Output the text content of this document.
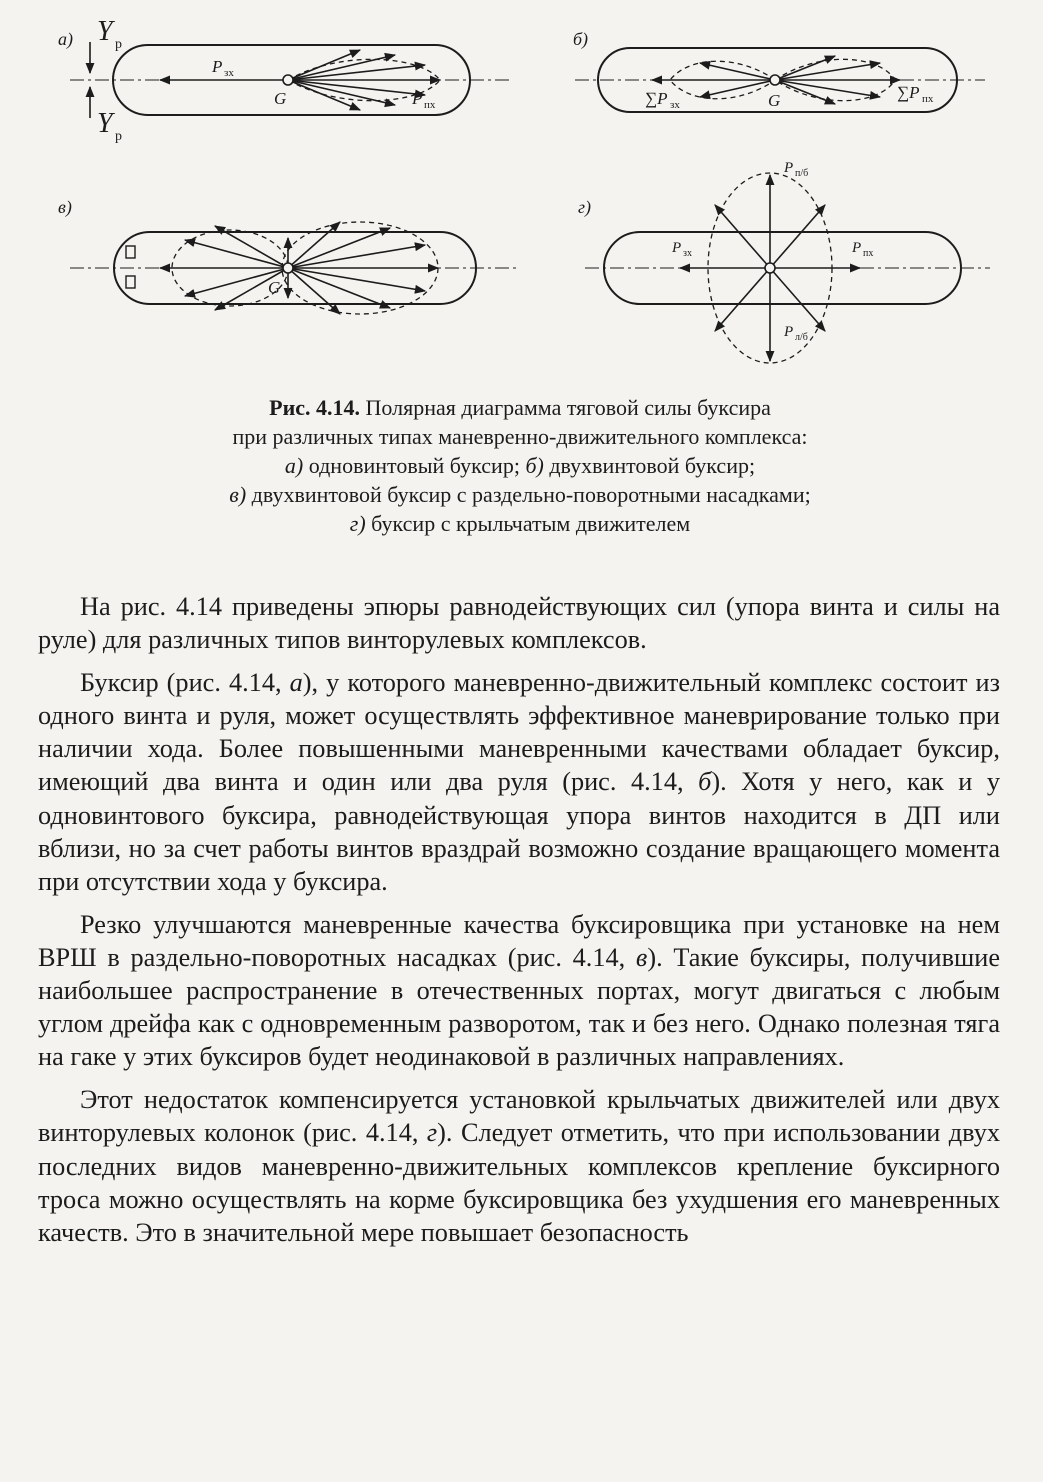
а) Y р
Y р
P зх
G	P пх
б)
∑P зх	G	∑P пх
в)
G
г)
P п/б
P зх	P пх
P л/б
Рис. 4.14. Полярная диаграмма тяговой силы буксира
при различных типах маневренно-движительного комплекса:
а) одновинтовый буксир; б) двухвинтовой буксир;
в) двухвинтовой буксир с раздельно-поворотными насадками;
г) буксир с крыльчатым движителем

На рис. 4.14 приведены эпюры равнодействующих сил (упора винта и силы на руле) для различных типов винторулевых комплексов.

Буксир (рис. 4.14, а), у которого маневренно-движительный комплекс состоит из одного винта и руля, может осуществлять эффективное маневрирование только при наличии хода. Более повышенными маневренными качествами обладает буксир, имеющий два винта и один или два руля (рис. 4.14, б). Хотя у него, как и у одновинтового буксира, равнодействующая упора винтов находится в ДП или вблизи, но за счет работы винтов враздрай возможно создание вращающего момента при отсутствии хода у буксира.

Резко улучшаются маневренные качества буксировщика при установке на нем ВРШ в раздельно-поворотных насадках (рис. 4.14, в). Такие буксиры, получившие наибольшее распространение в отечественных портах, могут двигаться с любым углом дрейфа как с одновременным разворотом, так и без него. Однако полезная тяга на гаке у этих буксиров будет неодинаковой в различных направлениях.

Этот недостаток компенсируется установкой крыльчатых движителей или двух винторулевых колонок (рис. 4.14, г). Следует отметить, что при использовании двух последних видов маневренно-движительных комплексов крепление буксирного троса можно осуществлять на корме буксировщика без ухудшения его маневренных качеств. Это в значительной мере повышает безопасность
